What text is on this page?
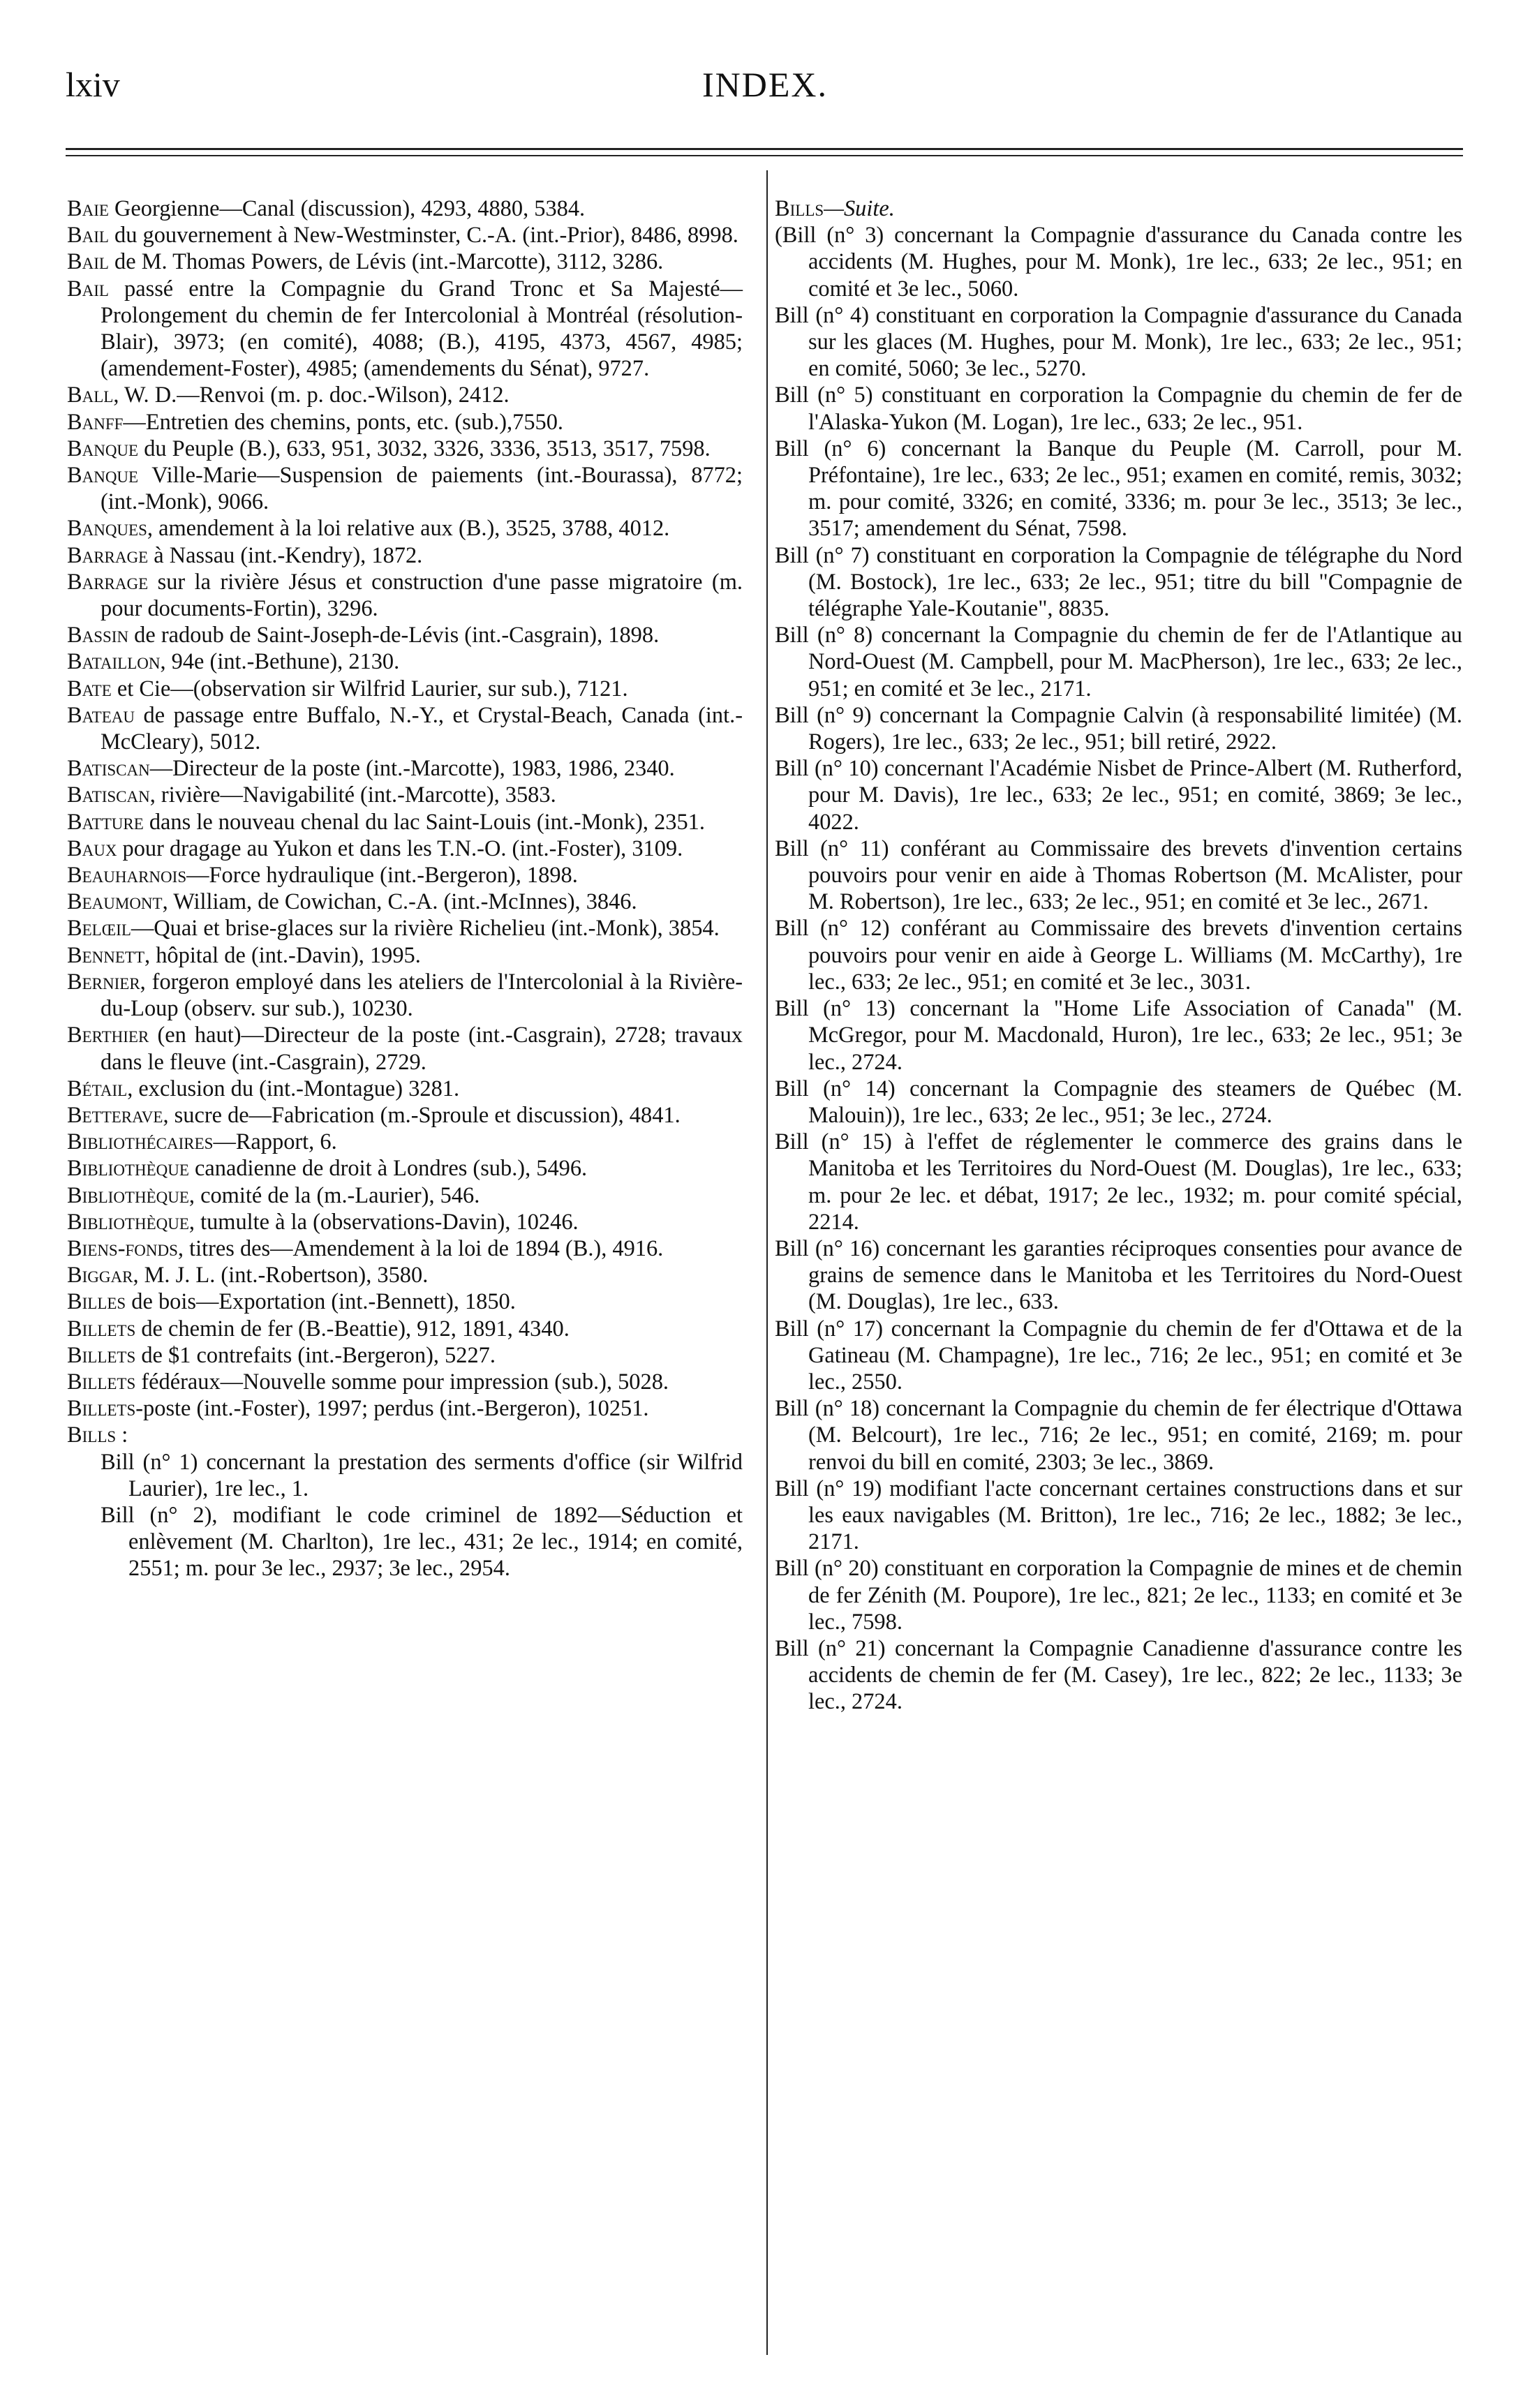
lxiv	INDEX.

Baie Georgienne—Canal (discussion), 4293, 4880, 5384.

Bail du gouvernement à New-Westminster, C.-A. (int.-Prior), 8486, 8998.

Bail de M. Thomas Powers, de Lévis (int.-Marcotte), 3112, 3286.

Bail passé entre la Compagnie du Grand Tronc et Sa Majesté—Prolongement du chemin de fer Intercolonial à Montréal (résolution-Blair), 3973; (en comité), 4088; (B.), 4195, 4373, 4567, 4985; (amendement-Foster), 4985; (amendements du Sénat), 9727.

Ball, W. D.—Renvoi (m. p. doc.-Wilson), 2412.

Banff—Entretien des chemins, ponts, etc. (sub.),7550.

Banque du Peuple (B.), 633, 951, 3032, 3326, 3336, 3513, 3517, 7598.

Banque Ville-Marie—Suspension de paiements (int.-Bourassa), 8772; (int.-Monk), 9066.

Banques, amendement à la loi relative aux (B.), 3525, 3788, 4012.

Barrage à Nassau (int.-Kendry), 1872.

Barrage sur la rivière Jésus et construction d'une passe migratoire (m. pour documents-Fortin), 3296.

Bassin de radoub de Saint-Joseph-de-Lévis (int.-Casgrain), 1898.

Bataillon, 94e (int.-Bethune), 2130.

Bate et Cie—(observation sir Wilfrid Laurier, sur sub.), 7121.

Bateau de passage entre Buffalo, N.-Y., et Crystal-Beach, Canada (int.-McCleary), 5012.

Batiscan—Directeur de la poste (int.-Marcotte), 1983, 1986, 2340.

Batiscan, rivière—Navigabilité (int.-Marcotte), 3583.

Batture dans le nouveau chenal du lac Saint-Louis (int.-Monk), 2351.

Baux pour dragage au Yukon et dans les T.N.-O. (int.-Foster), 3109.

Beauharnois—Force hydraulique (int.-Bergeron), 1898.

Beaumont, William, de Cowichan, C.-A. (int.-McInnes), 3846.

Belœil—Quai et brise-glaces sur la rivière Richelieu (int.-Monk), 3854.

Bennett, hôpital de (int.-Davin), 1995.

Bernier, forgeron employé dans les ateliers de l'Intercolonial à la Rivière-du-Loup (observ. sur sub.), 10230.

Berthier (en haut)—Directeur de la poste (int.-Casgrain), 2728; travaux dans le fleuve (int.-Casgrain), 2729.

Bétail, exclusion du (int.-Montague) 3281.

Betterave, sucre de—Fabrication (m.-Sproule et discussion), 4841.

Bibliothécaires—Rapport, 6.

Bibliothèque canadienne de droit à Londres (sub.), 5496.

Bibliothèque, comité de la (m.-Laurier), 546.

Bibliothèque, tumulte à la (observations-Davin), 10246.

Biens-fonds, titres des—Amendement à la loi de 1894 (B.), 4916.

Biggar, M. J. L. (int.-Robertson), 3580.

Billes de bois—Exportation (int.-Bennett), 1850.

Billets de chemin de fer (B.-Beattie), 912, 1891, 4340.

Billets de $1 contrefaits (int.-Bergeron), 5227.

Billets fédéraux—Nouvelle somme pour impression (sub.), 5028.

Billets-poste (int.-Foster), 1997; perdus (int.-Bergeron), 10251.

Bills :

Bill (n° 1) concernant la prestation des serments d'office (sir Wilfrid Laurier), 1re lec., 1.

Bill (n° 2), modifiant le code criminel de 1892—Séduction et enlèvement (M. Charlton), 1re lec., 431; 2e lec., 1914; en comité, 2551; m. pour 3e lec., 2937; 3e lec., 2954.

Bills—Suite.

(Bill (n° 3) concernant la Compagnie d'assurance du Canada contre les accidents (M. Hughes, pour M. Monk), 1re lec., 633; 2e lec., 951; en comité et 3e lec., 5060.

Bill (n° 4) constituant en corporation la Compagnie d'assurance du Canada sur les glaces (M. Hughes, pour M. Monk), 1re lec., 633; 2e lec., 951; en comité, 5060; 3e lec., 5270.

Bill (n° 5) constituant en corporation la Compagnie du chemin de fer de l'Alaska-Yukon (M. Logan), 1re lec., 633; 2e lec., 951.

Bill (n° 6) concernant la Banque du Peuple (M. Carroll, pour M. Préfontaine), 1re lec., 633; 2e lec., 951; examen en comité, remis, 3032; m. pour comité, 3326; en comité, 3336; m. pour 3e lec., 3513; 3e lec., 3517; amendement du Sénat, 7598.

Bill (n° 7) constituant en corporation la Compagnie de télégraphe du Nord (M. Bostock), 1re lec., 633; 2e lec., 951; titre du bill "Compagnie de télégraphe Yale-Koutanie", 8835.

Bill (n° 8) concernant la Compagnie du chemin de fer de l'Atlantique au Nord-Ouest (M. Campbell, pour M. MacPherson), 1re lec., 633; 2e lec., 951; en comité et 3e lec., 2171.

Bill (n° 9) concernant la Compagnie Calvin (à responsabilité limitée) (M. Rogers), 1re lec., 633; 2e lec., 951; bill retiré, 2922.

Bill (n° 10) concernant l'Académie Nisbet de Prince-Albert (M. Rutherford, pour M. Davis), 1re lec., 633; 2e lec., 951; en comité, 3869; 3e lec., 4022.

Bill (n° 11) conférant au Commissaire des brevets d'invention certains pouvoirs pour venir en aide à Thomas Robertson (M. McAlister, pour M. Robertson), 1re lec., 633; 2e lec., 951; en comité et 3e lec., 2671.

Bill (n° 12) conférant au Commissaire des brevets d'invention certains pouvoirs pour venir en aide à George L. Williams (M. McCarthy), 1re lec., 633; 2e lec., 951; en comité et 3e lec., 3031.

Bill (n° 13) concernant la "Home Life Association of Canada" (M. McGregor, pour M. Macdonald, Huron), 1re lec., 633; 2e lec., 951; 3e lec., 2724.

Bill (n° 14) concernant la Compagnie des steamers de Québec (M. Malouin)), 1re lec., 633; 2e lec., 951; 3e lec., 2724.

Bill (n° 15) à l'effet de réglementer le commerce des grains dans le Manitoba et les Territoires du Nord-Ouest (M. Douglas), 1re lec., 633; m. pour 2e lec. et débat, 1917; 2e lec., 1932; m. pour comité spécial, 2214.

Bill (n° 16) concernant les garanties réciproques consenties pour avance de grains de semence dans le Manitoba et les Territoires du Nord-Ouest (M. Douglas), 1re lec., 633.

Bill (n° 17) concernant la Compagnie du chemin de fer d'Ottawa et de la Gatineau (M. Champagne), 1re lec., 716; 2e lec., 951; en comité et 3e lec., 2550.

Bill (n° 18) concernant la Compagnie du chemin de fer électrique d'Ottawa (M. Belcourt), 1re lec., 716; 2e lec., 951; en comité, 2169; m. pour renvoi du bill en comité, 2303; 3e lec., 3869.

Bill (n° 19) modifiant l'acte concernant certaines constructions dans et sur les eaux navigables (M. Britton), 1re lec., 716; 2e lec., 1882; 3e lec., 2171.

Bill (n° 20) constituant en corporation la Compagnie de mines et de chemin de fer Zénith (M. Poupore), 1re lec., 821; 2e lec., 1133; en comité et 3e lec., 7598.

Bill (n° 21) concernant la Compagnie Canadienne d'assurance contre les accidents de chemin de fer (M. Casey), 1re lec., 822; 2e lec., 1133; 3e lec., 2724.
